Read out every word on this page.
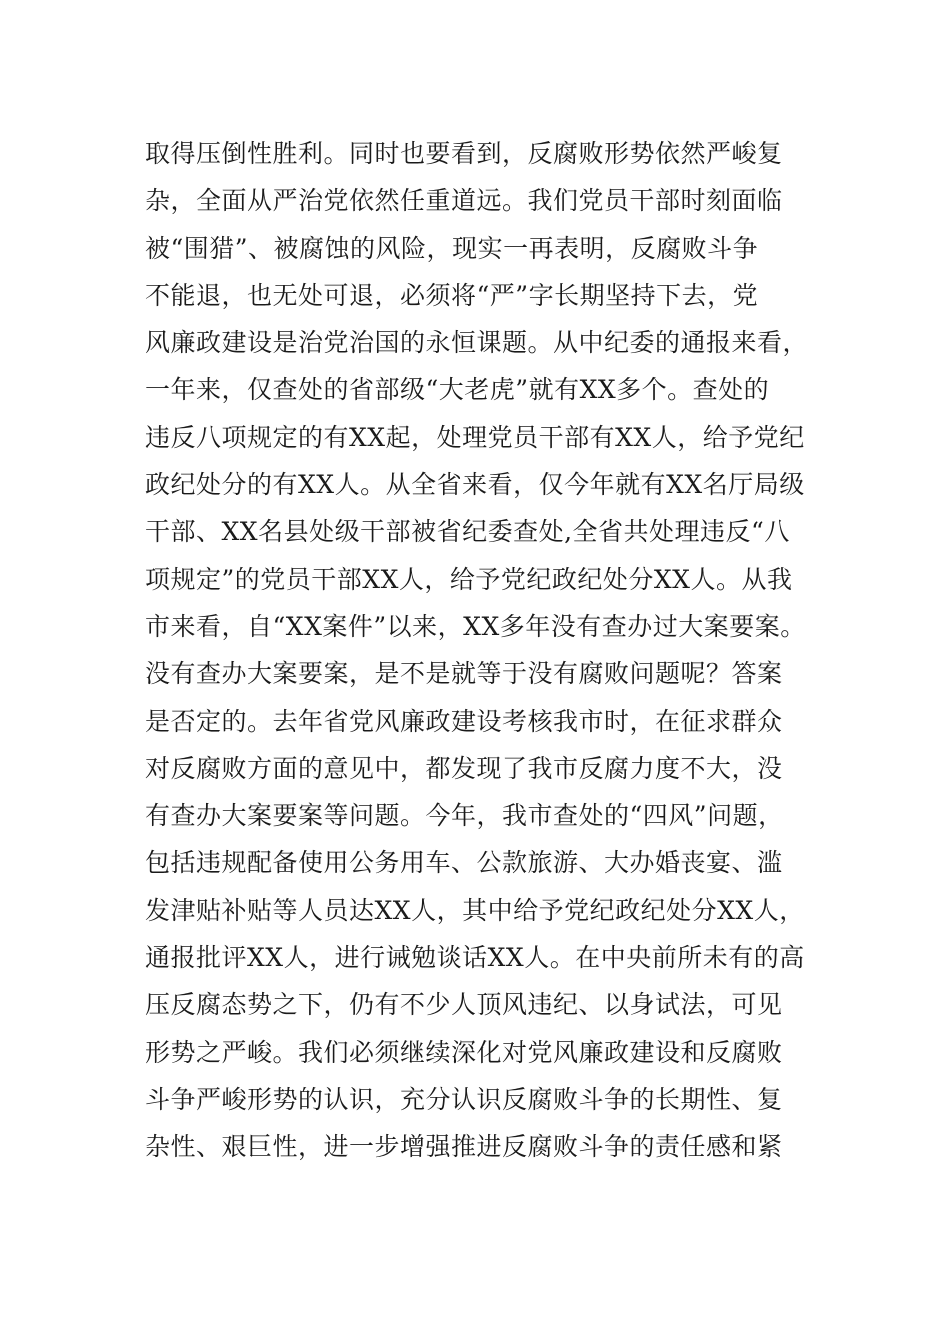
取得压倒性胜利。同时也要看到，反腐败形势依然严峻复
杂，全面从严治党依然任重道远。我们党员干部时刻面临
被“围猎”、被腐蚀的风险，现实一再表明，反腐败斗争
不能退，也无处可退，必须将“严”字长期坚持下去，党
风廉政建设是治党治国的永恒课题。从中纪委的通报来看，
一年来，仅查处的省部级“大老虎”就有XX多个。查处的
违反八项规定的有XX起，处理党员干部有XX人，给予党纪
政纪处分的有XX人。从全省来看，仅今年就有XX名厅局级
干部、XX名县处级干部被省纪委查处,全省共处理违反“八
项规定”的党员干部XX人，给予党纪政纪处分XX人。从我
市来看，自“XX案件”以来，XX多年没有查办过大案要案。
没有查办大案要案，是不是就等于没有腐败问题呢？答案
是否定的。去年省党风廉政建设考核我市时，在征求群众
对反腐败方面的意见中，都发现了我市反腐力度不大，没
有查办大案要案等问题。今年，我市查处的“四风”问题，
包括违规配备使用公务用车、公款旅游、大办婚丧宴、滥
发津贴补贴等人员达XX人，其中给予党纪政纪处分XX人，
通报批评XX人，进行诫勉谈话XX人。在中央前所未有的高
压反腐态势之下，仍有不少人顶风违纪、以身试法，可见
形势之严峻。我们必须继续深化对党风廉政建设和反腐败
斗争严峻形势的认识，充分认识反腐败斗争的长期性、复
杂性、艰巨性，进一步增强推进反腐败斗争的责任感和紧
